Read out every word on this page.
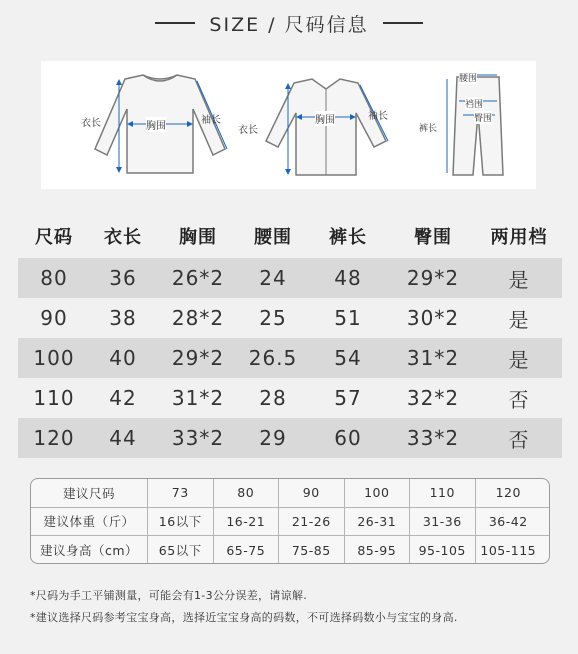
SIZE / 尺码信息
衣长	胸围
袖长
衣长
胸围	袖长
腰围
裆围
裤长
臀围
尺码	衣长	胸围	腰围	裤长	臀围	两用档
80	36	26*2	24	48	29*2	是
90	38	28*2	25	51	30*2	是
100	40	29*2	26.5	54	31*2	是
110	42	31*2	28	57	32*2	否
120	44	33*2	29	60	33*2	否
建议尺码	73	80	90	100	110	120
建议体重（斤）	16以下	16-21	21-26	26-31	31-36	36-42
建议身高（cm）	65以下	65-75	75-85	85-95	95-105	105-115
*尺码为手工平铺测量，可能会有1-3公分误差，请谅解.
*建议选择尺码参考宝宝身高，选择近宝宝身高的码数，不可选择码数小与宝宝的身高.
